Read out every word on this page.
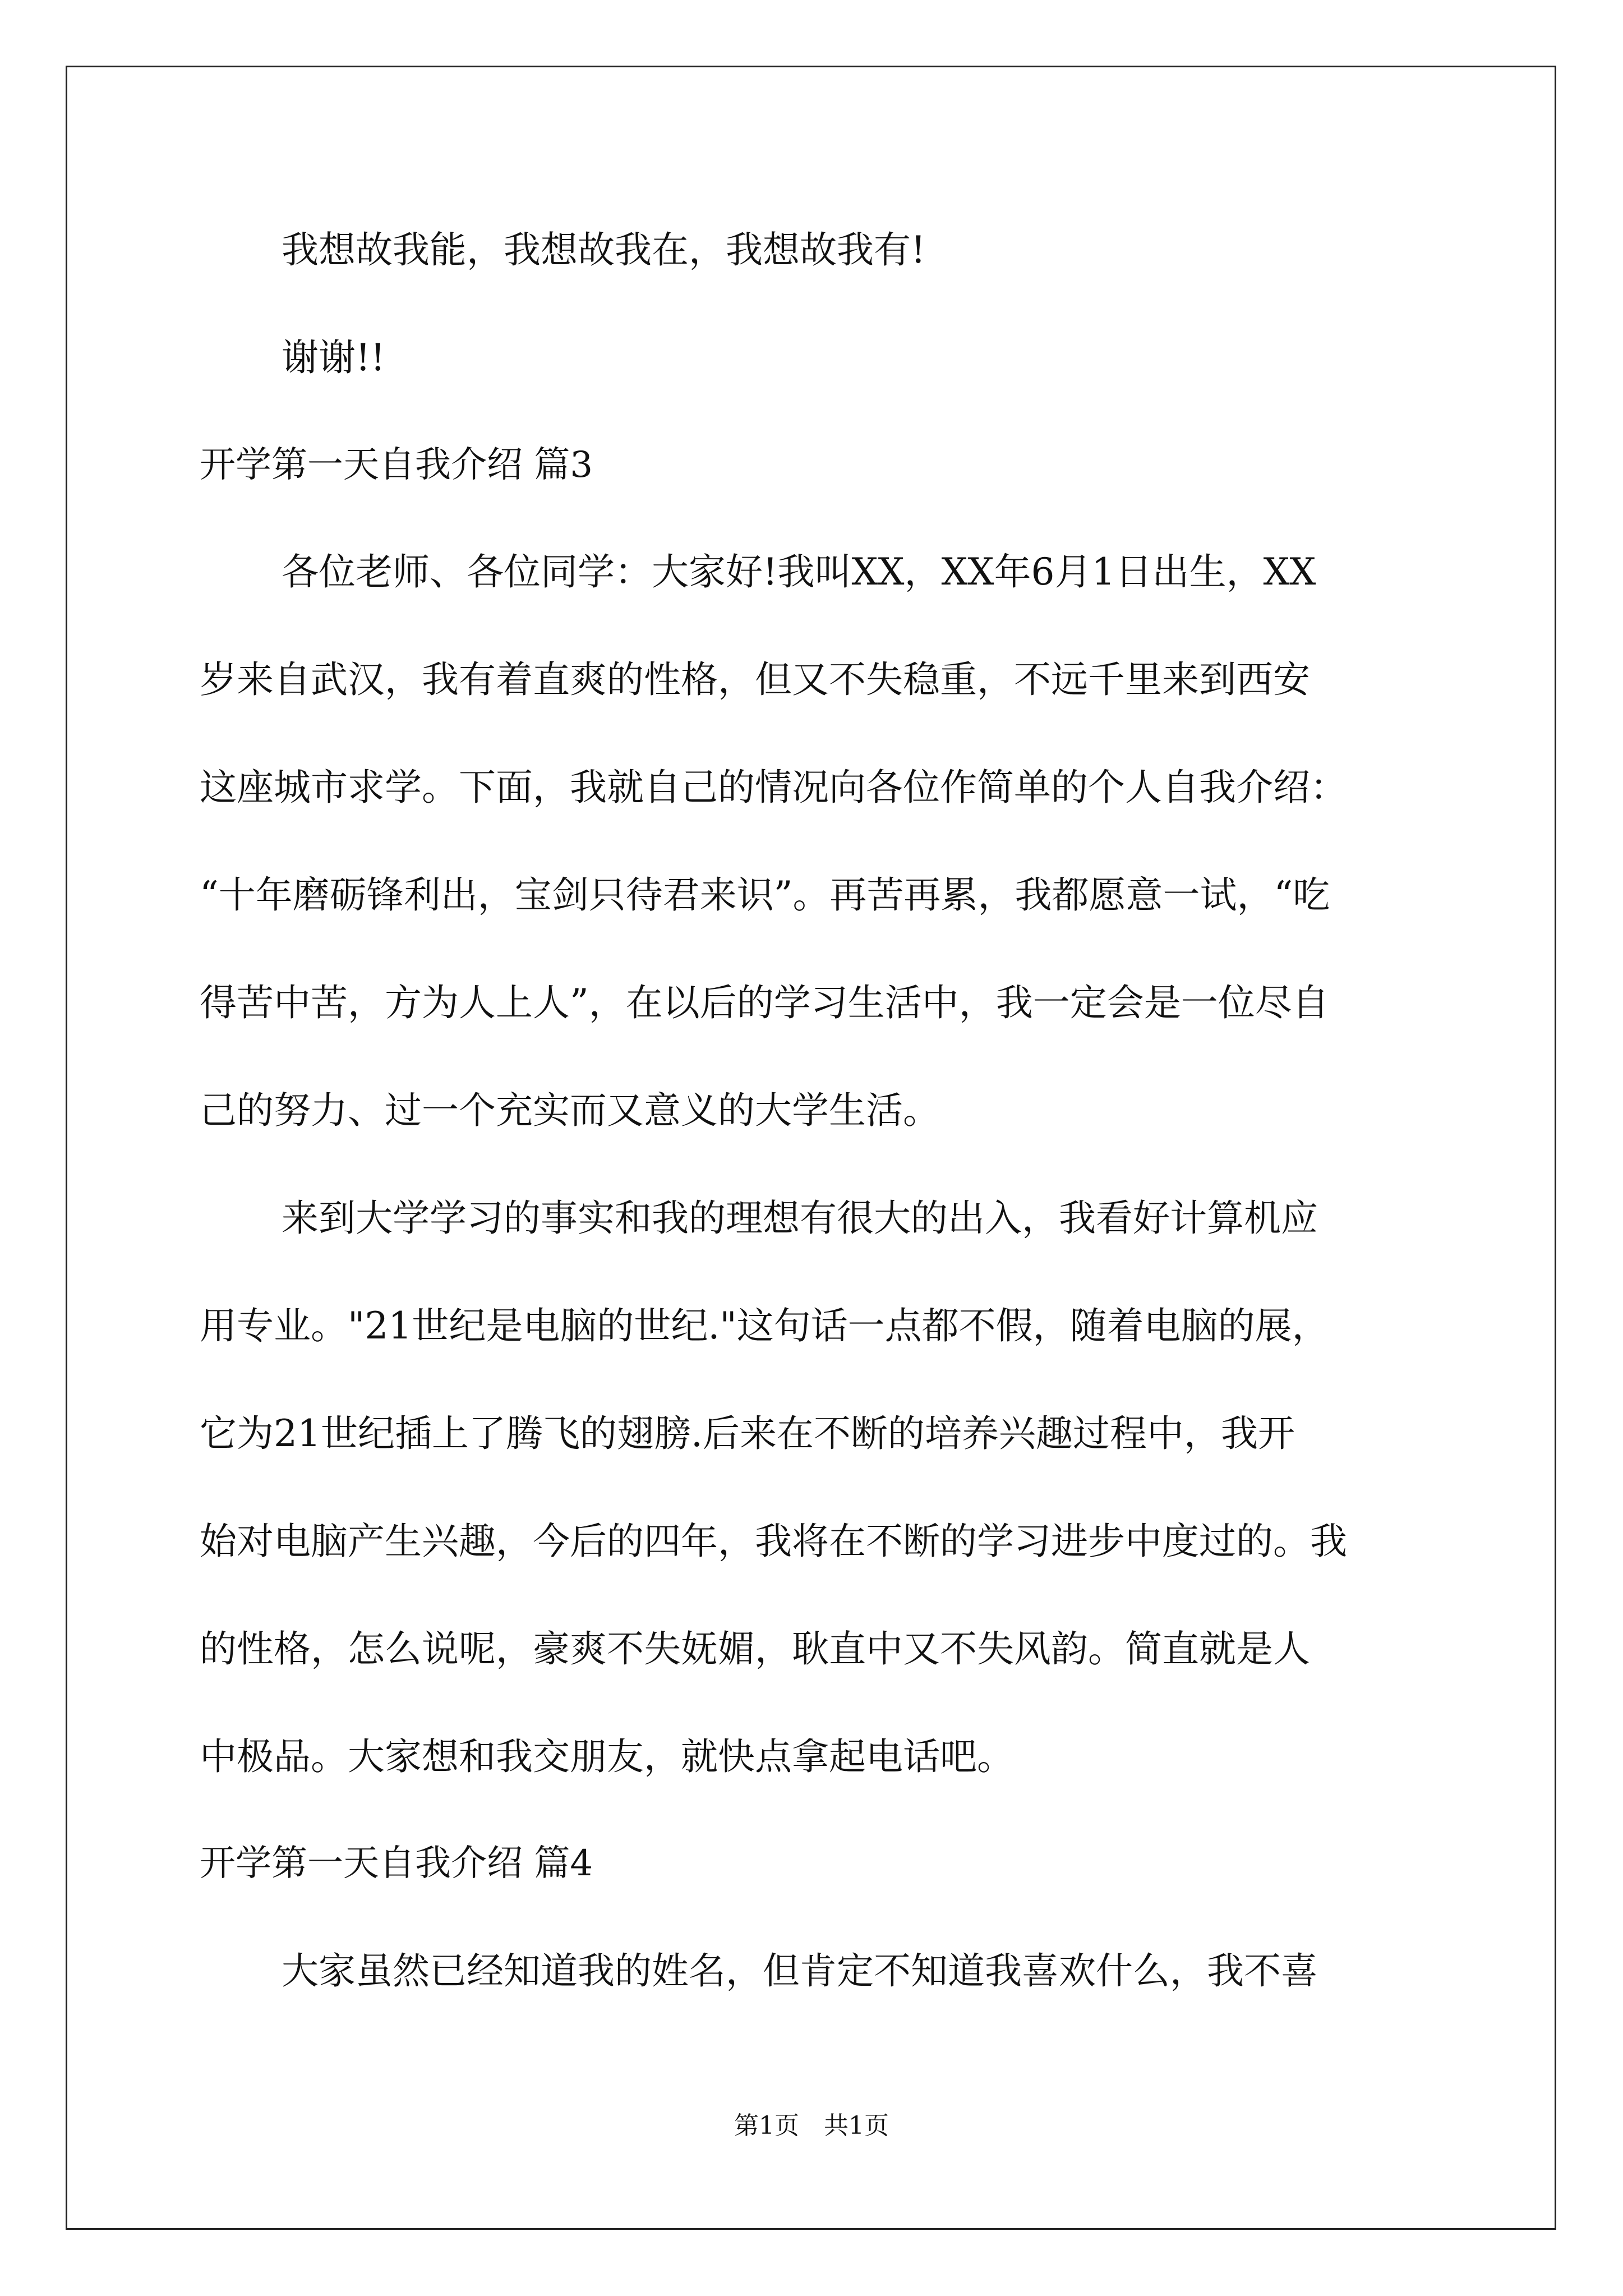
我想故我能，我想故我在，我想故我有!
谢谢!!
开学第一天自我介绍 篇3
各位老师、各位同学：大家好!我叫XX，XX年6月1日出生，XX
岁来自武汉，我有着直爽的性格，但又不失稳重，不远千里来到西安
这座城市求学。下面，我就自己的情况向各位作简单的个人自我介绍：
“十年磨砺锋利出，宝剑只待君来识”。再苦再累，我都愿意一试，“吃
得苦中苦，方为人上人”，在以后的学习生活中，我一定会是一位尽自
己的努力、过一个充实而又意义的大学生活。
来到大学学习的事实和我的理想有很大的出入，我看好计算机应
用专业。"21世纪是电脑的世纪."这句话一点都不假，随着电脑的展，
它为21世纪插上了腾飞的翅膀.后来在不断的培养兴趣过程中，我开
始对电脑产生兴趣，今后的四年，我将在不断的学习进步中度过的。我
的性格，怎么说呢，豪爽不失妩媚，耿直中又不失风韵。简直就是人
中极品。大家想和我交朋友，就快点拿起电话吧。
开学第一天自我介绍 篇4
大家虽然已经知道我的姓名，但肯定不知道我喜欢什么，我不喜
第1页　共1页
